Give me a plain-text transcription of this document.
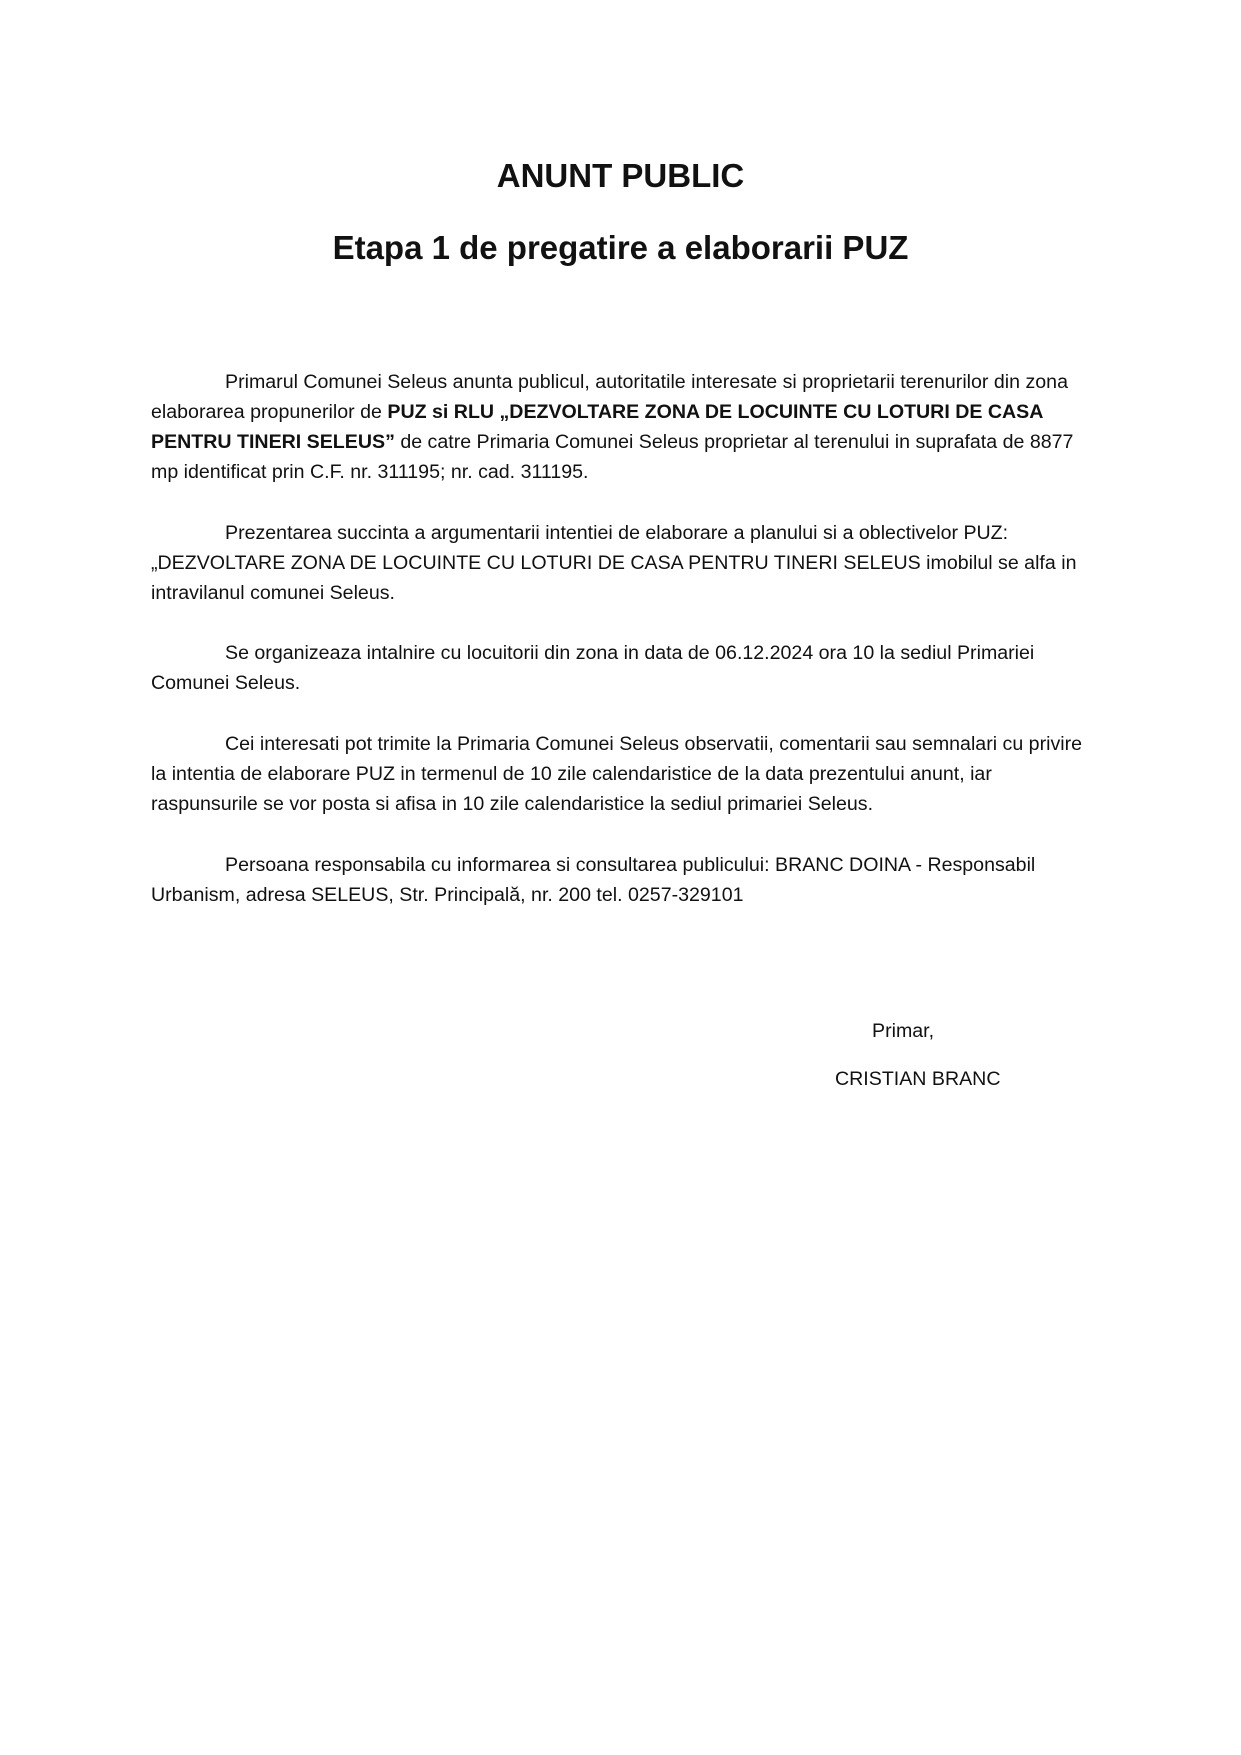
ANUNT PUBLIC
Etapa 1 de pregatire a elaborarii PUZ

Primarul Comunei Seleus anunta publicul, autoritatile interesate si proprietarii terenurilor din zona elaborarea propunerilor de PUZ si RLU „DEZVOLTARE ZONA DE LOCUINTE CU LOTURI DE CASA PENTRU TINERI SELEUS” de catre Primaria Comunei Seleus proprietar al terenului in suprafata de 8877 mp identificat prin C.F. nr. 311195; nr. cad. 311195.

Prezentarea succinta a argumentarii intentiei de elaborare a planului si a oblectivelor PUZ: „DEZVOLTARE ZONA DE LOCUINTE CU LOTURI DE CASA PENTRU TINERI SELEUS imobilul se alfa in intravilanul comunei Seleus.

Se organizeaza intalnire cu locuitorii din zona in data de 06.12.2024 ora 10 la sediul Primariei Comunei Seleus.

Cei interesati pot trimite la Primaria Comunei Seleus observatii, comentarii sau semnalari cu privire la intentia de elaborare PUZ in termenul de 10 zile calendaristice de la data prezentului anunt, iar raspunsurile se vor posta si afisa in 10 zile calendaristice la sediul primariei Seleus.

Persoana responsabila cu informarea si consultarea publicului: BRANC DOINA - Responsabil Urbanism, adresa SELEUS, Str. Principală, nr. 200 tel. 0257-329101

Primar,

CRISTIAN BRANC
